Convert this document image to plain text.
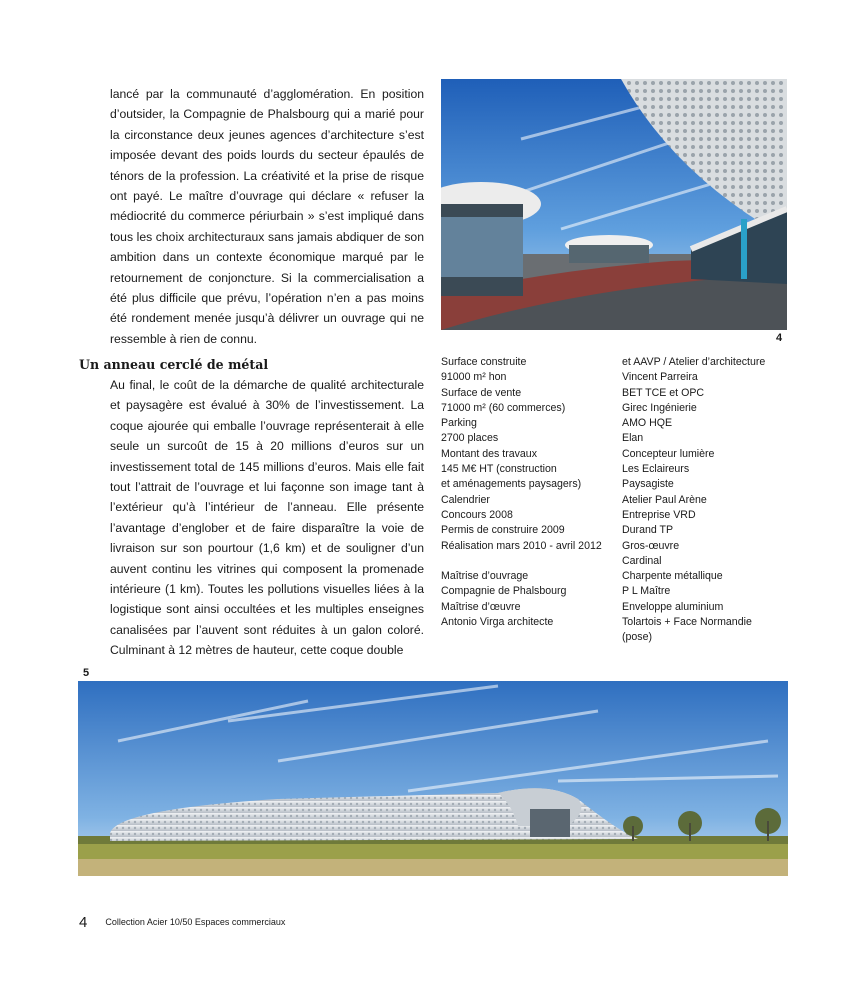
lancé par la communauté d’agglomération. En position d’outsider, la Compagnie de Phalsbourg qui a marié pour la circonstance deux jeunes agences d’architecture s’est imposée devant des poids lourds du secteur épaulés de ténors de la profession. La créativité et la prise de risque ont payé. Le maître d’ouvrage qui déclare « refuser la médiocrité du commerce périurbain » s’est impliqué dans tous les choix architecturaux sans jamais abdiquer de son ambition dans un contexte économique marqué par le retournement de conjoncture. Si la commercialisation a été plus difficile que prévu, l’opération n’en a pas moins été rondement menée jusqu’à délivrer un ouvrage qui ne ressemble à rien de connu.	4
Un anneau cerclé de métal

Au final, le coût de la démarche de qualité architecturale et paysagère est évalué à 30% de l’investissement. La coque ajourée qui emballe l’ouvrage représenterait à elle seule un surcoût de 15 à 20 millions d’euros sur un investissement total de 145 millions d’euros. Mais elle fait tout l’attrait de l’ouvrage et lui façonne son image tant à l’extérieur qu’à l’intérieur de l’anneau. Elle présente l’avantage d’englober et de faire disparaître la voie de livraison sur son pourtour (1,6 km) et de souligner d’un auvent continu les vitrines qui composent la promenade intérieure (1 km). Toutes les pollutions visuelles liées à la logistique sont ainsi occultées et les multiples enseignes canalisées par l’auvent sont réduites à un galon coloré. Culminant à 12 mètres de hauteur, cette coque double

Surface construite
91000 m² hon
Surface de vente
71000 m² (60 commerces)
Parking
2700 places
Montant des travaux
145 M€ HT (construction
et aménagements paysagers)
Calendrier
Concours 2008
Permis de construire 2009
Réalisation mars 2010 - avril 2012
Maîtrise d’ouvrage
Compagnie de Phalsbourg
Maîtrise d’œuvre
Antonio Virga architecte
et AAVP / Atelier d’architecture
Vincent Parreira
BET TCE et OPC
Girec Ingénierie
AMO HQE
Elan
Concepteur lumière
Les Eclaireurs
Paysagiste
Atelier Paul Arène
Entreprise VRD
Durand TP
Gros-œuvre
Cardinal
Charpente métallique
P L Maître
Enveloppe aluminium
Tolartois + Face Normandie
(pose)
5
4 Collection Acier 10/50 Espaces commerciaux
